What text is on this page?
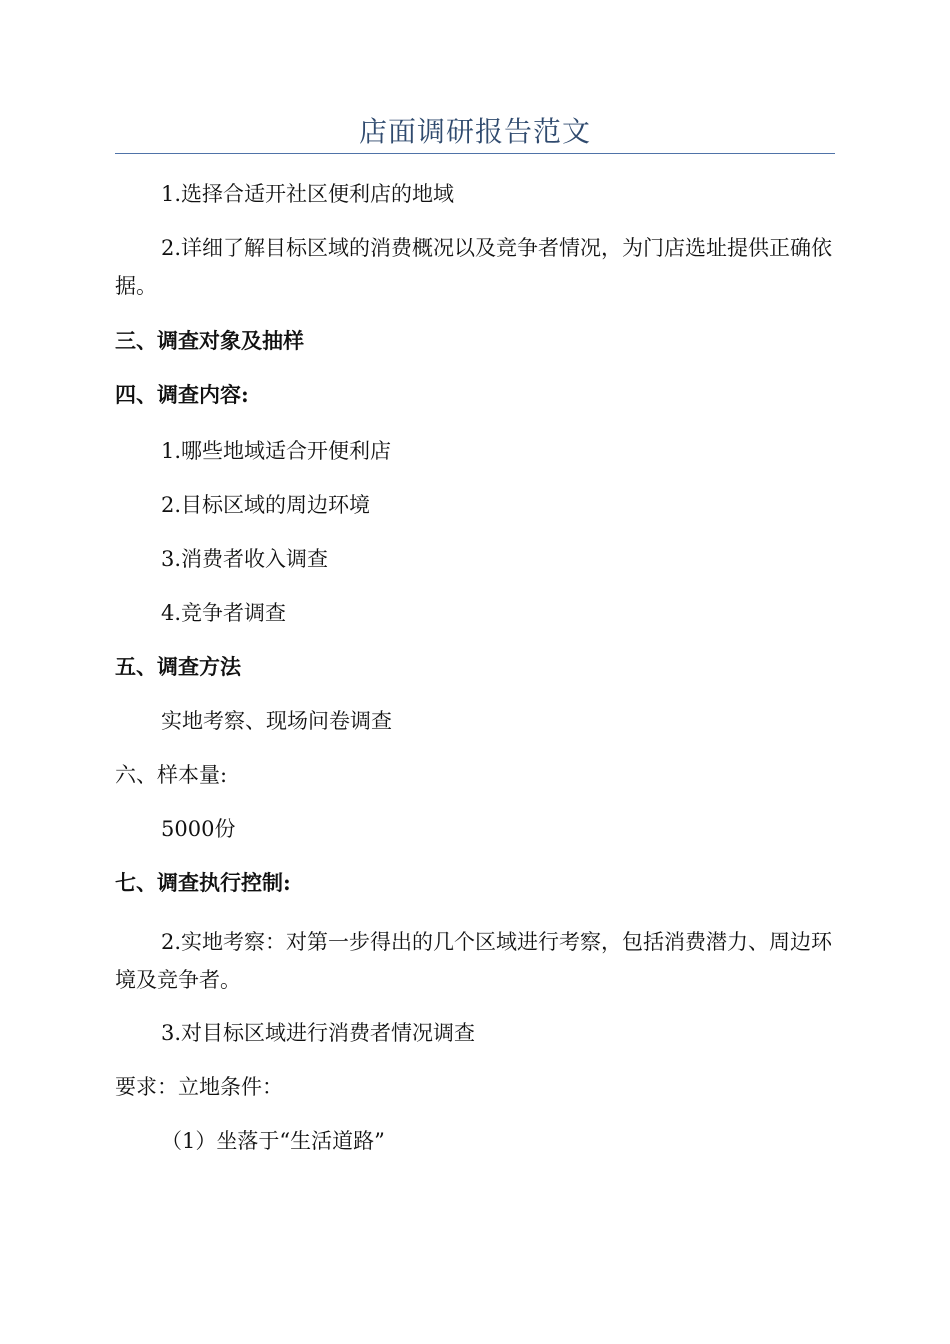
店面调研报告范文
1.选择合适开社区便利店的地域
2.详细了解目标区域的消费概况以及竞争者情况，为门店选址提供正确依据。
三、调查对象及抽样
四、调查内容:
1.哪些地域适合开便利店
2.目标区域的周边环境
3.消费者收入调查
4.竞争者调查
五、调查方法
实地考察、现场问卷调查
六、样本量:
5000份
七、调查执行控制:
2.实地考察：对第一步得出的几个区域进行考察，包括消费潜力、周边环境及竞争者。
3.对目标区域进行消费者情况调查
要求：立地条件：
（1）坐落于“生活道路”
